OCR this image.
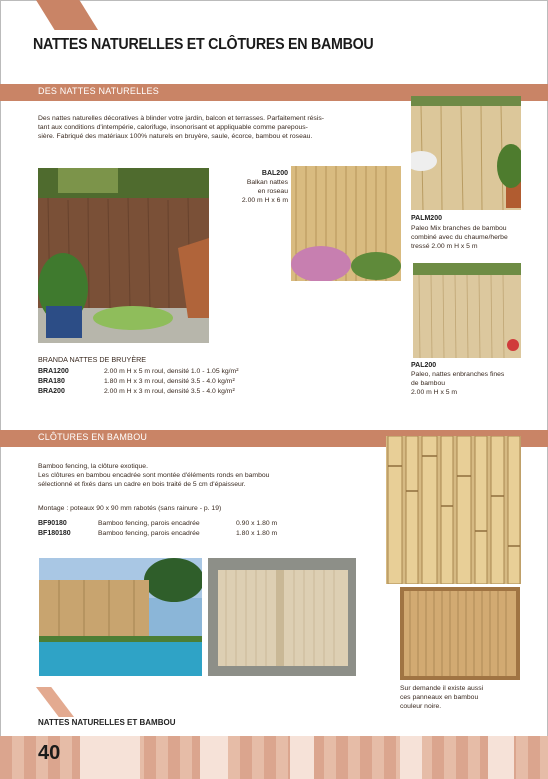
NATTES NATURELLES ET CLÔTURES EN BAMBOU
DES NATTES NATURELLES
Des nattes naturelles décoratives à blinder votre jardin, balcon et terrasses. Parfaitement résis-
tant aux conditions d'intempérie, calorifuge, insonorisant et appliquable comme parepous-
sière. Fabriqué des matériaux 100% naturels en bruyère, saule, écorce, bambou et roseau.
BAL200
Balkan nattes
en roseau
2.00 m H x 6 m
PALM200
Paleo Mix branches de bambou
combiné avec du chaume/herbe
tressé 2.00 m H x 5 m
PAL200
Paleo, nattes enbranches fines
de bambou
2.00 m H x 5 m
BRANDA NATTES DE BRUYÈRE
BRA1200	2.00 m H x 5 m roul, densité 1.0 - 1.05 kg/m²
BRA180	1.80 m H x 3 m roul, densité 3.5 - 4.0 kg/m²
BRA200	2.00 m H x 3 m roul, densité 3.5 - 4.0 kg/m²
CLÔTURES EN BAMBOU
Bamboo fencing, la clôture exotique.
Les clôtures en bambou encadrée sont montée d'éléments ronds en bambou
sélectionné et fixés dans un cadre en bois traité de 5 cm d'épaisseur.
Montage : poteaux 90 x 90 mm rabotés (sans rainure - p. 19)
BF90180	Bamboo fencing, parois encadrée	0.90 x 1.80 m
BF180180	Bamboo fencing, parois encadrée	1.80 x 1.80 m
Sur demande il existe aussi
ces panneaux en bambou
couleur noire.
NATTES NATURELLES ET BAMBOU
40
